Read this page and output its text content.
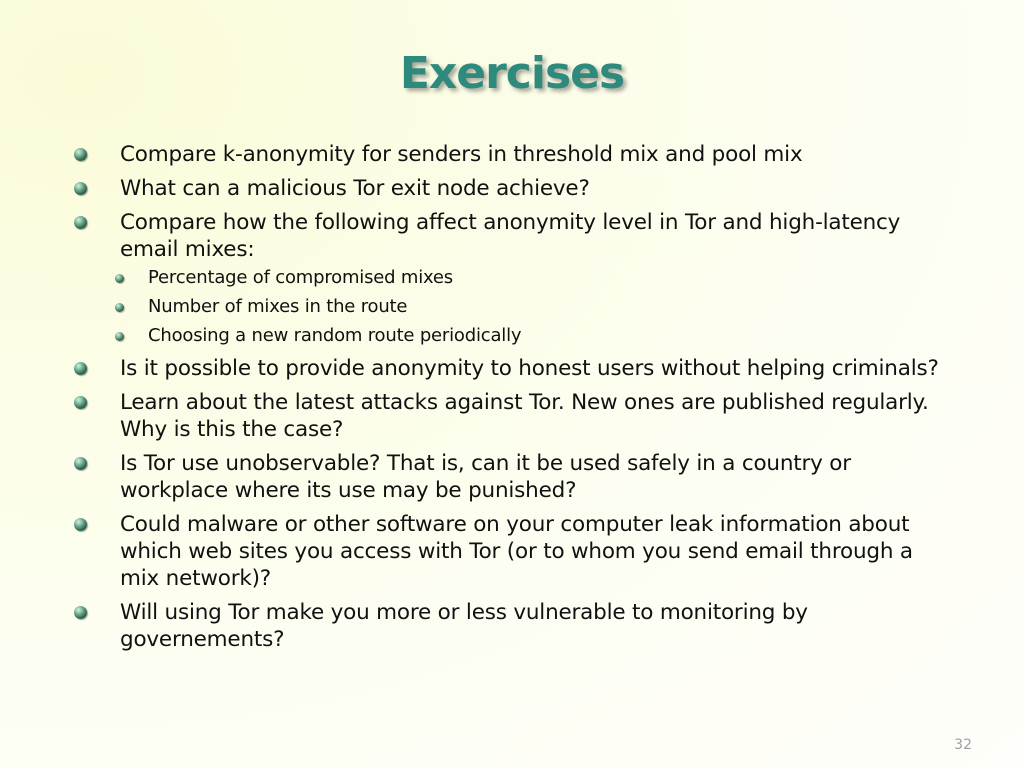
Exercises
Compare k-anonymity for senders in threshold mix and pool mix
What can a malicious Tor exit node achieve?
Compare how the following affect anonymity level in Tor and high-latency email mixes:
Percentage of compromised mixes
Number of mixes in the route
Choosing a new random route periodically
Is it possible to provide anonymity to honest users without helping criminals?
Learn about the latest attacks against Tor. New ones are published regularly. Why is this the case?
Is Tor use unobservable? That is, can it be used safely in a country or workplace where its use may be punished?
Could malware or other software on your computer leak information about which web sites you access with Tor (or to whom you send email through a mix network)?
Will using Tor make you more or less vulnerable to monitoring by governements?
32
